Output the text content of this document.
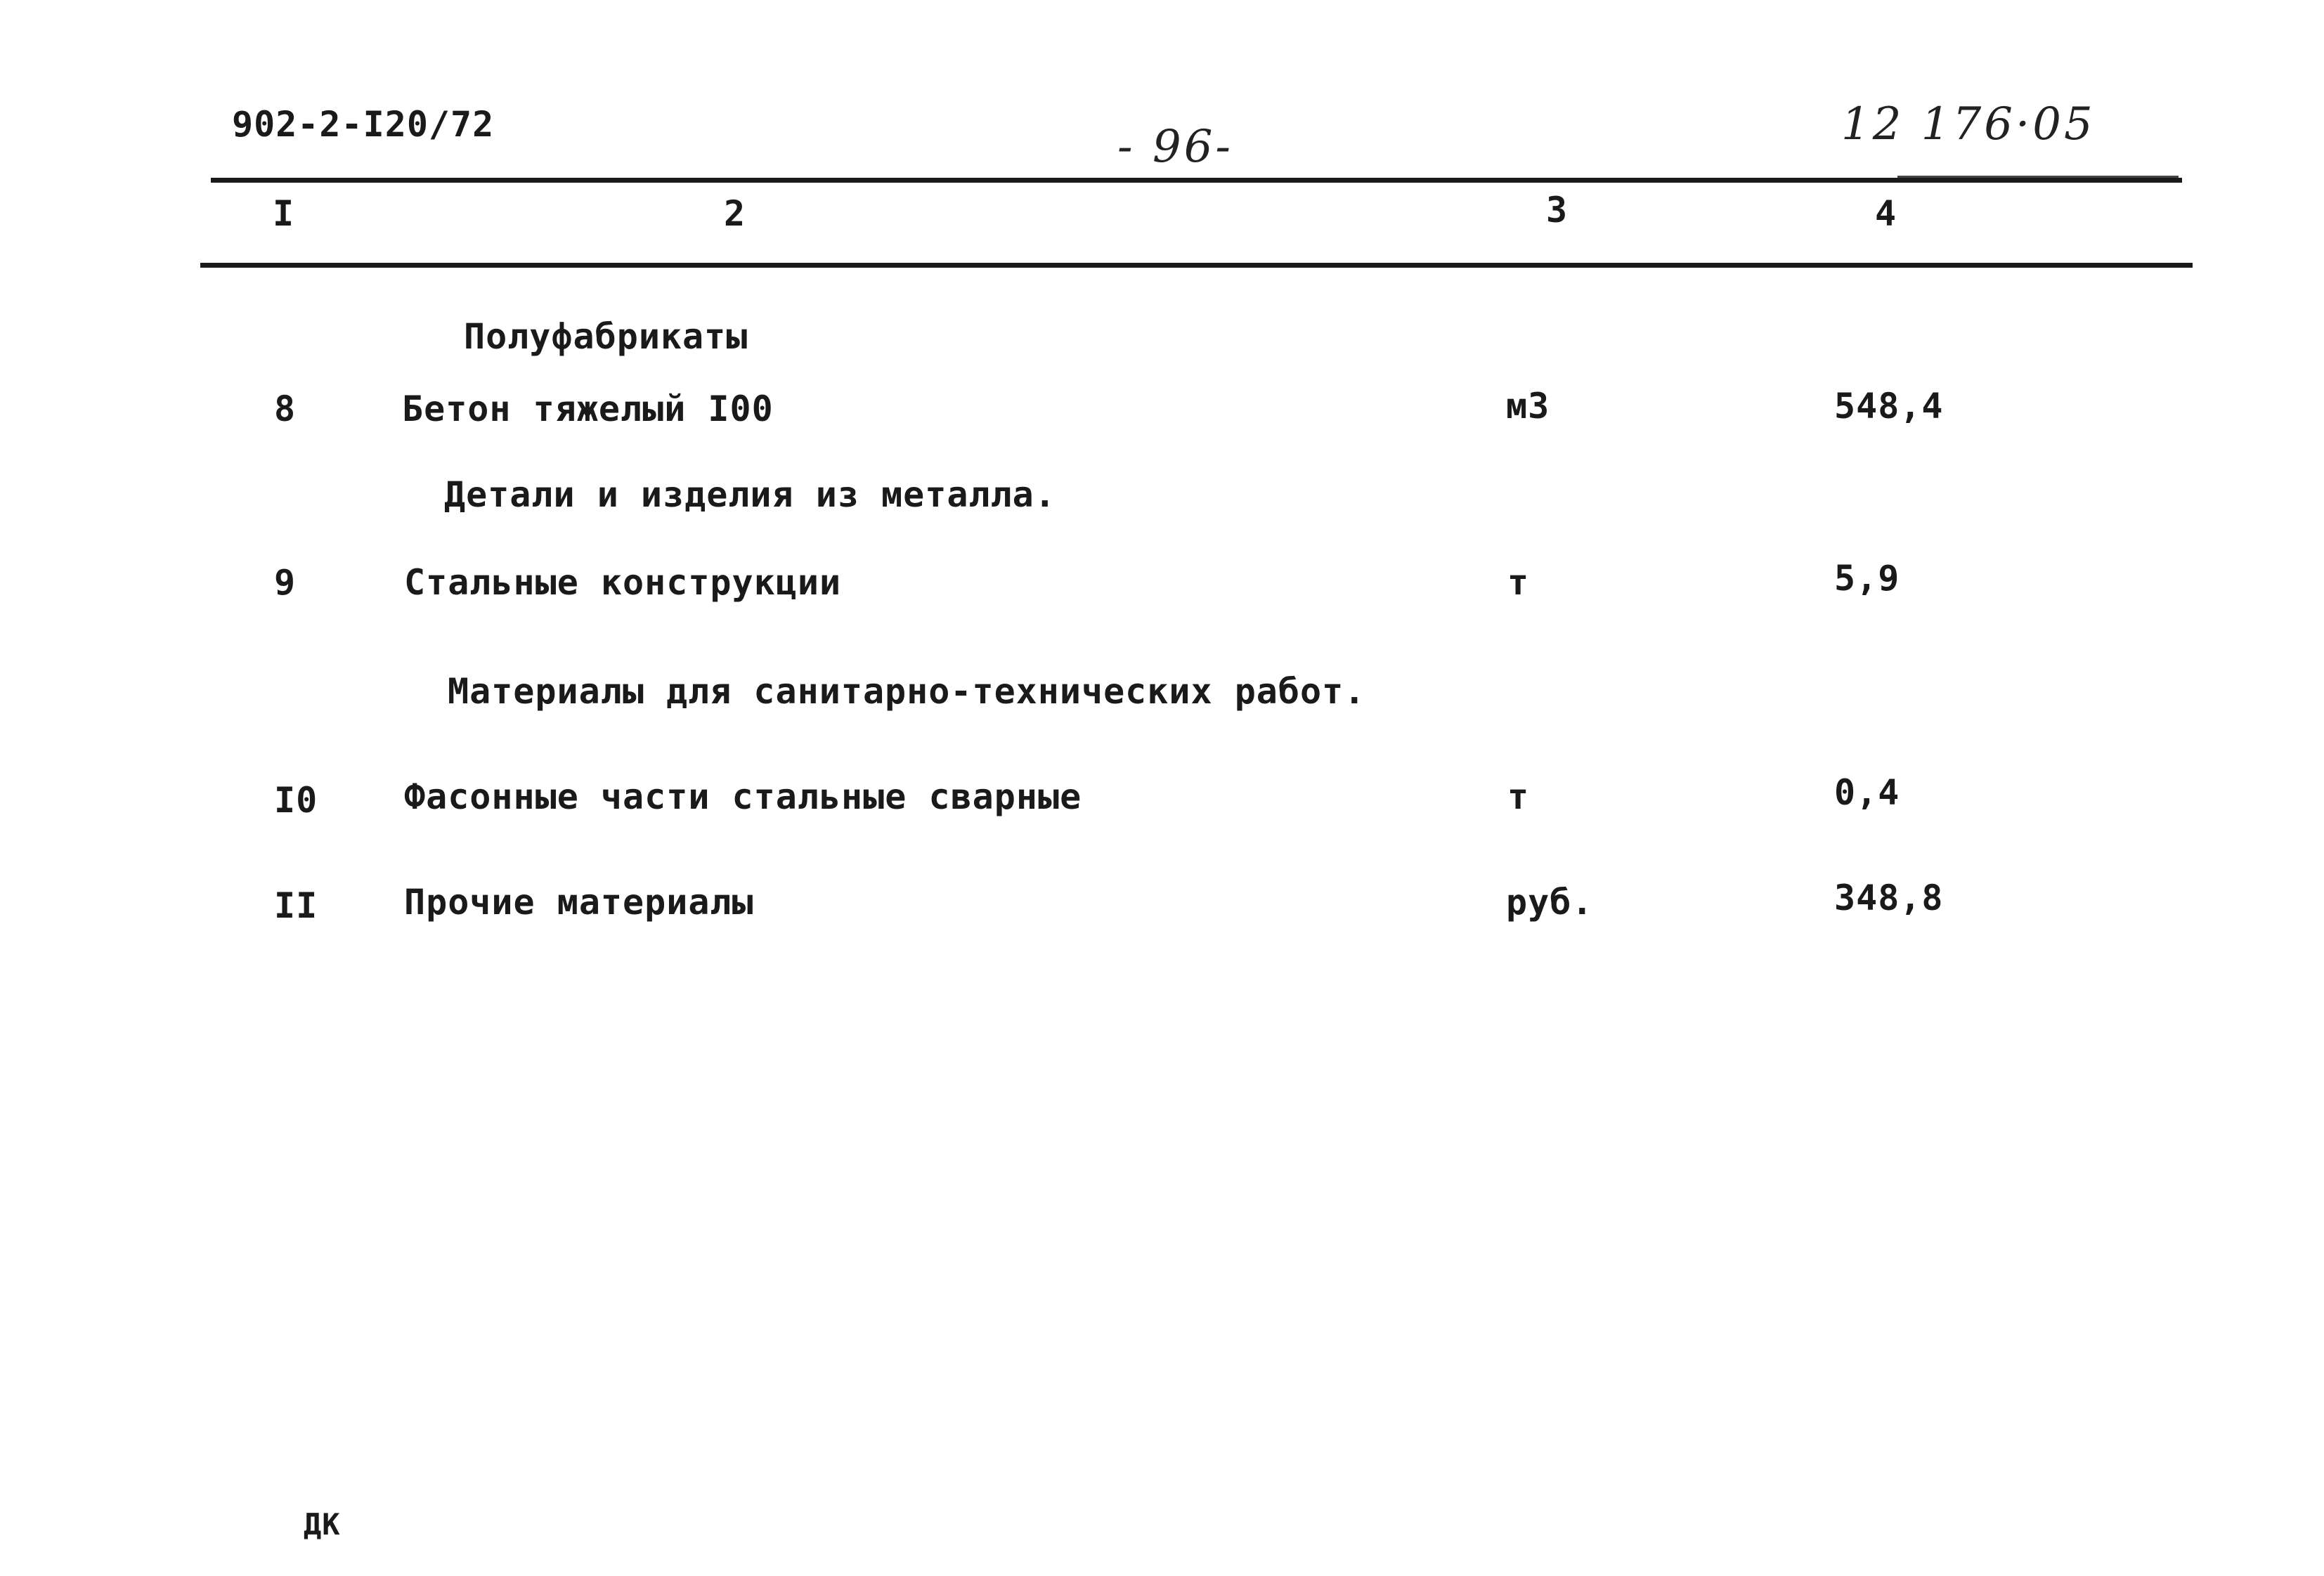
902-2-I20/72	- 96-	12 176·05
I	2	3	4
Полуфабрикаты
8	Бетон тяжелый I00	м3	548,4
Детали и изделия из металла.
9	Стальные конструкции	т	5,9
Материалы для санитарно-технических работ.
I0 Фасонные части стальные сварные	т	0,4
II Прочие материалы	руб.	348,8
ДК
